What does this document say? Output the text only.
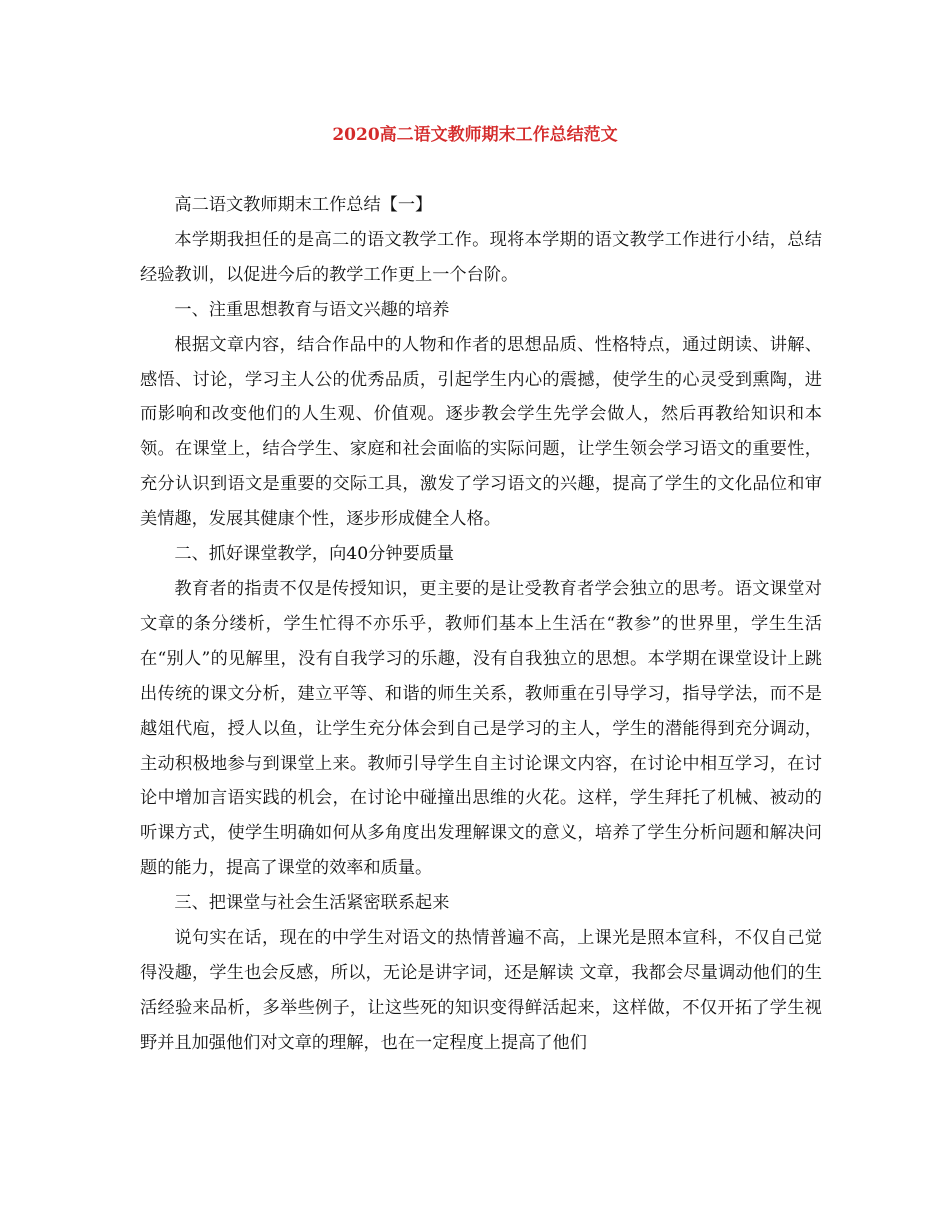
2020高二语文教师期末工作总结范文

高二语文教师期末工作总结【一】

本学期我担任的是高二的语文教学工作。现将本学期的语文教学工作进行小结，总结经验教训，以促进今后的教学工作更上一个台阶。

一、注重思想教育与语文兴趣的培养

根据文章内容，结合作品中的人物和作者的思想品质、性格特点，通过朗读、讲解、感悟、讨论，学习主人公的优秀品质，引起学生内心的震撼，使学生的心灵受到熏陶，进而影响和改变他们的人生观、价值观。逐步教会学生先学会做人，然后再教给知识和本领。在课堂上，结合学生、家庭和社会面临的实际问题，让学生领会学习语文的重要性，充分认识到语文是重要的交际工具，激发了学习语文的兴趣，提高了学生的文化品位和审美情趣，发展其健康个性，逐步形成健全人格。

二、抓好课堂教学，向40分钟要质量

教育者的指责不仅是传授知识，更主要的是让受教育者学会独立的思考。语文课堂对文章的条分缕析，学生忙得不亦乐乎，教师们基本上生活在“教参”的世界里，学生生活在“别人”的见解里，没有自我学习的乐趣，没有自我独立的思想。本学期在课堂设计上跳出传统的课文分析，建立平等、和谐的师生关系，教师重在引导学习，指导学法，而不是越俎代庖，授人以鱼，让学生充分体会到自己是学习的主人，学生的潜能得到充分调动，主动积极地参与到课堂上来。教师引导学生自主讨论课文内容，在讨论中相互学习，在讨论中增加言语实践的机会，在讨论中碰撞出思维的火花。这样，学生拜托了机械、被动的听课方式，使学生明确如何从多角度出发理解课文的意义，培养了学生分析问题和解决问题的能力，提高了课堂的效率和质量。

三、把课堂与社会生活紧密联系起来

说句实在话，现在的中学生对语文的热情普遍不高，上课光是照本宣科，不仅自己觉得没趣，学生也会反感，所以，无论是讲字词，还是解读 文章，我都会尽量调动他们的生活经验来品析，多举些例子，让这些死的知识变得鲜活起来，这样做，不仅开拓了学生视野并且加强他们对文章的理解，也在一定程度上提高了他们
